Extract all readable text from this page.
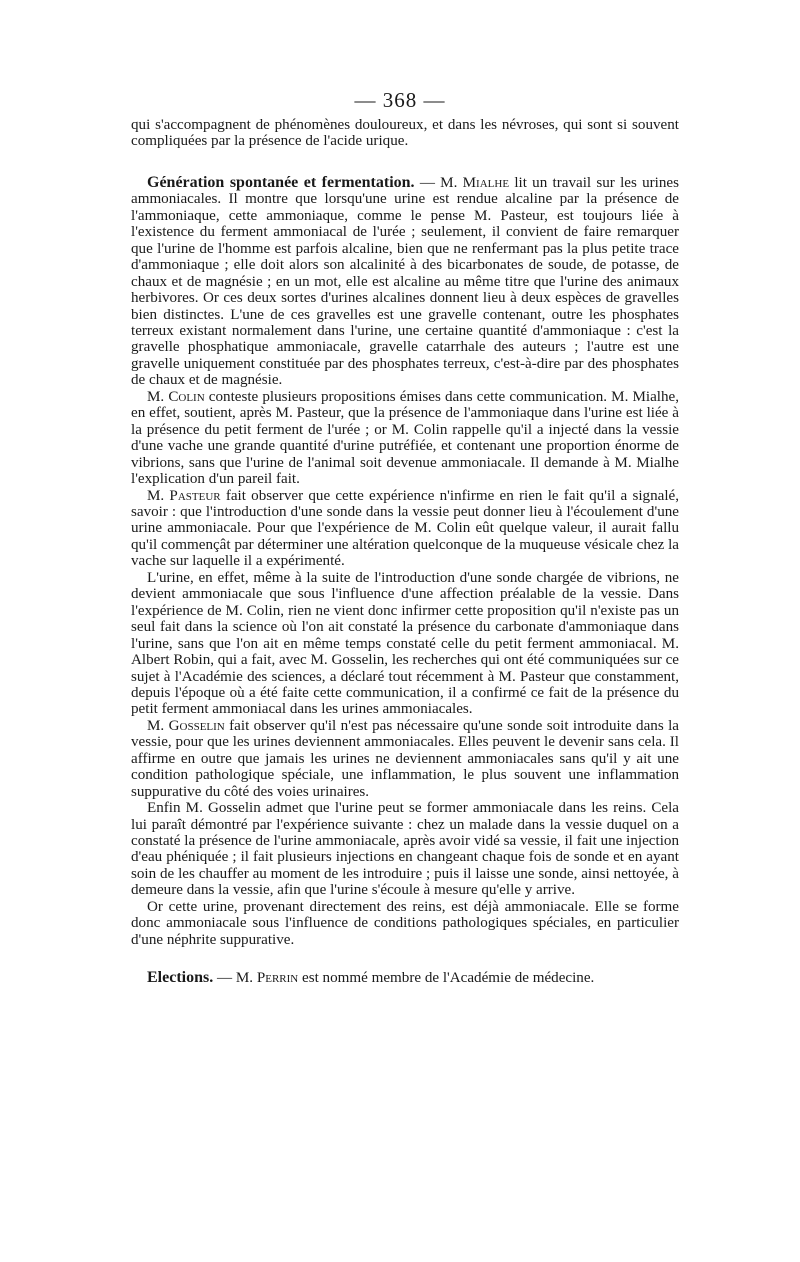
— 368 —

qui s'accompagnent de phénomènes douloureux, et dans les névroses, qui sont si souvent compliquées par la présence de l'acide urique.

Génération spontanée et fermentation. — M. Mialhe lit un travail sur les urines ammoniacales. Il montre que lorsqu'une urine est rendue alcaline par la présence de l'ammoniaque, cette ammoniaque, comme le pense M. Pasteur, est toujours liée à l'existence du ferment ammoniacal de l'urée ; seulement, il convient de faire remarquer que l'urine de l'homme est parfois alcaline, bien que ne renfermant pas la plus petite trace d'ammoniaque ; elle doit alors son alcalinité à des bicarbonates de soude, de potasse, de chaux et de magnésie ; en un mot, elle est alcaline au même titre que l'urine des animaux herbivores. Or ces deux sortes d'urines alcalines donnent lieu à deux espèces de gravelles bien distinctes. L'une de ces gravelles est une gravelle contenant, outre les phosphates terreux existant normalement dans l'urine, une certaine quantité d'ammoniaque : c'est la gravelle phosphatique ammoniacale, gravelle catarrhale des auteurs ; l'autre est une gravelle uniquement constituée par des phosphates terreux, c'est-à-dire par des phosphates de chaux et de magnésie.

M. Colin conteste plusieurs propositions émises dans cette communication. M. Mialhe, en effet, soutient, après M. Pasteur, que la présence de l'ammoniaque dans l'urine est liée à la présence du petit ferment de l'urée ; or M. Colin rappelle qu'il a injecté dans la vessie d'une vache une grande quantité d'urine putréfiée, et contenant une proportion énorme de vibrions, sans que l'urine de l'animal soit devenue ammoniacale. Il demande à M. Mialhe l'explication d'un pareil fait.

M. Pasteur fait observer que cette expérience n'infirme en rien le fait qu'il a signalé, savoir : que l'introduction d'une sonde dans la vessie peut donner lieu à l'écoulement d'une urine ammoniacale. Pour que l'expérience de M. Colin eût quelque valeur, il aurait fallu qu'il commençât par déterminer une altération quelconque de la muqueuse vésicale chez la vache sur laquelle il a expérimenté.

L'urine, en effet, même à la suite de l'introduction d'une sonde chargée de vibrions, ne devient ammoniacale que sous l'influence d'une affection préalable de la vessie. Dans l'expérience de M. Colin, rien ne vient donc infirmer cette proposition qu'il n'existe pas un seul fait dans la science où l'on ait constaté la présence du carbonate d'ammoniaque dans l'urine, sans que l'on ait en même temps constaté celle du petit ferment ammoniacal. M. Albert Robin, qui a fait, avec M. Gosselin, les recherches qui ont été communiquées sur ce sujet à l'Académie des sciences, a déclaré tout récemment à M. Pasteur que constamment, depuis l'époque où a été faite cette communication, il a confirmé ce fait de la présence du petit ferment ammoniacal dans les urines ammoniacales.

M. Gosselin fait observer qu'il n'est pas nécessaire qu'une sonde soit introduite dans la vessie, pour que les urines deviennent ammoniacales. Elles peuvent le devenir sans cela. Il affirme en outre que jamais les urines ne deviennent ammoniacales sans qu'il y ait une condition pathologique spéciale, une inflammation, le plus souvent une inflammation suppurative du côté des voies urinaires.

Enfin M. Gosselin admet que l'urine peut se former ammoniacale dans les reins. Cela lui paraît démontré par l'expérience suivante : chez un malade dans la vessie duquel on a constaté la présence de l'urine ammoniacale, après avoir vidé sa vessie, il fait une injection d'eau phéniquée ; il fait plusieurs injections en changeant chaque fois de sonde et en ayant soin de les chauffer au moment de les introduire ; puis il laisse une sonde, ainsi nettoyée, à demeure dans la vessie, afin que l'urine s'écoule à mesure qu'elle y arrive.

Or cette urine, provenant directement des reins, est déjà ammoniacale. Elle se forme donc ammoniacale sous l'influence de conditions pathologiques spéciales, en particulier d'une néphrite suppurative.

Elections. — M. Perrin est nommé membre de l'Académie de médecine.
